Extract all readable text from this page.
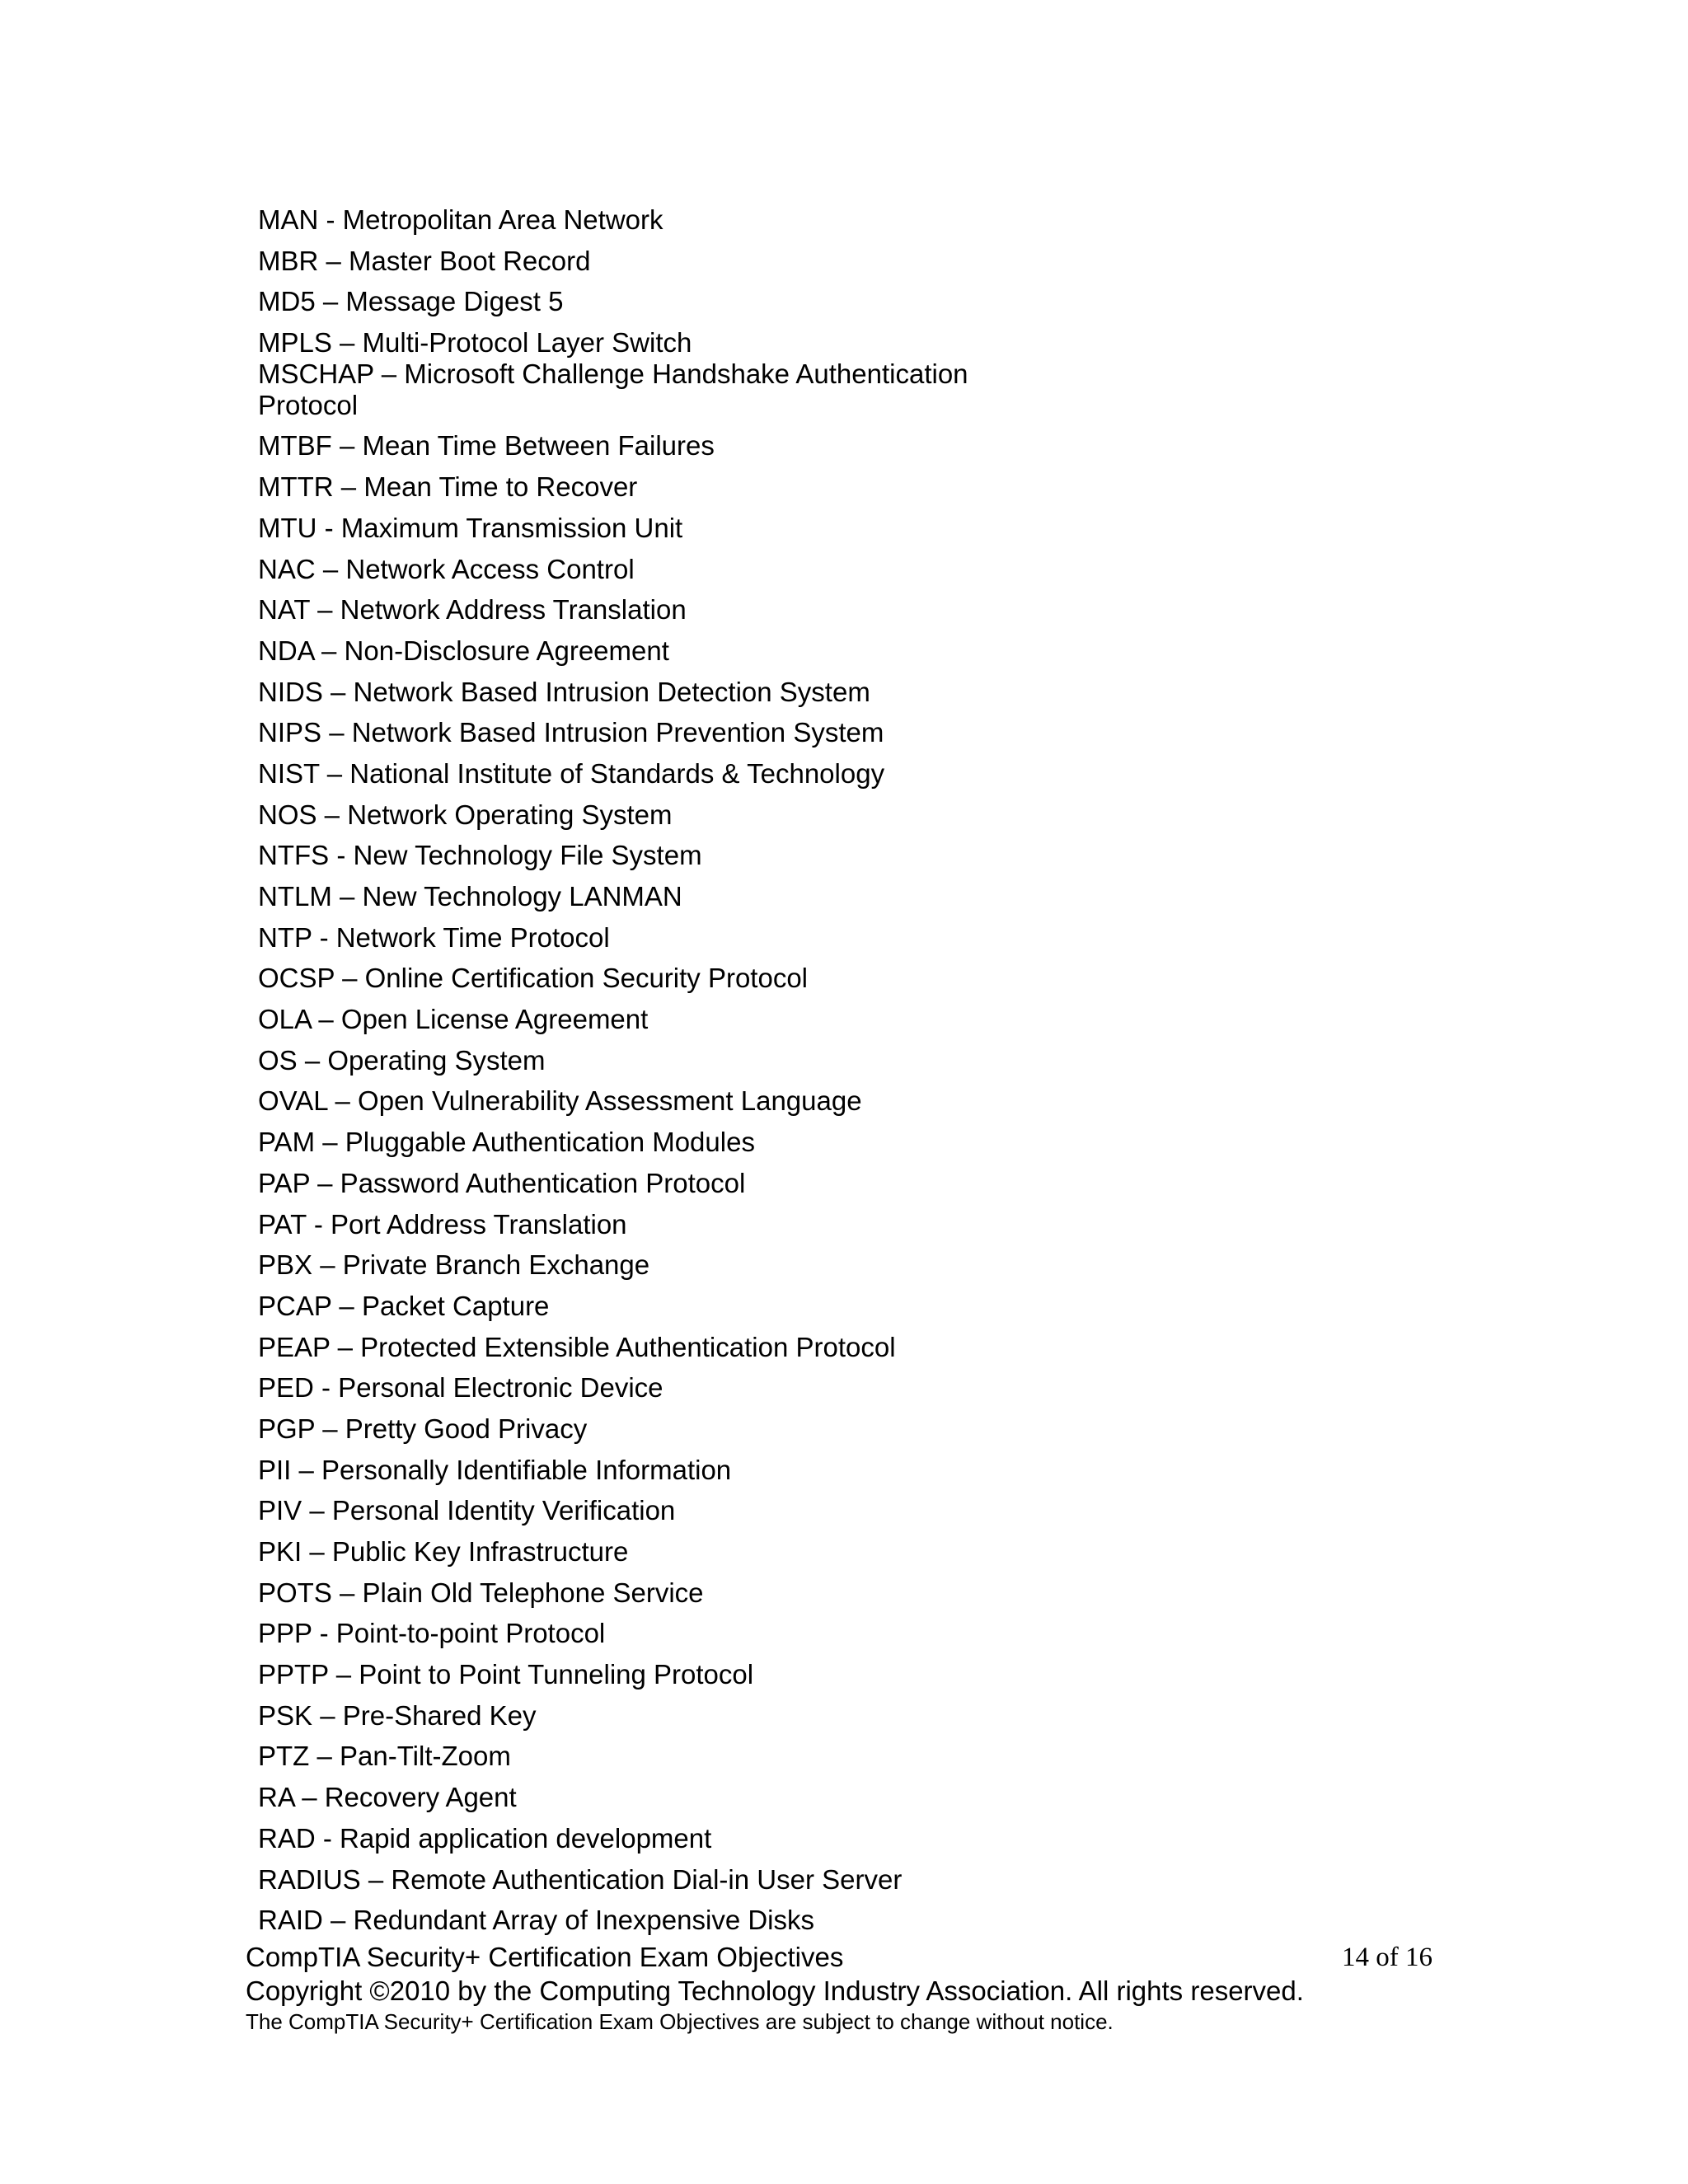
MAN - Metropolitan Area Network
MBR – Master Boot Record
MD5 – Message Digest 5
MPLS – Multi-Protocol Layer Switch
MSCHAP – Microsoft Challenge Handshake Authentication Protocol
MTBF – Mean Time Between Failures
MTTR – Mean Time to Recover
MTU - Maximum Transmission Unit
NAC – Network Access Control
NAT – Network Address Translation
NDA – Non-Disclosure Agreement
NIDS – Network Based Intrusion Detection System
NIPS – Network Based Intrusion Prevention System
NIST – National Institute of Standards & Technology
NOS – Network Operating System
NTFS - New Technology File System
NTLM – New Technology LANMAN
NTP - Network Time Protocol
OCSP – Online Certification Security Protocol
OLA – Open License Agreement
OS – Operating System
OVAL – Open Vulnerability Assessment Language
PAM – Pluggable Authentication Modules
PAP – Password Authentication Protocol
PAT - Port Address Translation
PBX – Private Branch Exchange
PCAP – Packet Capture
PEAP – Protected Extensible Authentication Protocol
PED - Personal Electronic Device
PGP – Pretty Good Privacy
PII – Personally Identifiable Information
PIV – Personal Identity Verification
PKI – Public Key Infrastructure
POTS – Plain Old Telephone Service
PPP - Point-to-point Protocol
PPTP – Point to Point Tunneling Protocol
PSK – Pre-Shared Key
PTZ – Pan-Tilt-Zoom
RA – Recovery Agent
RAD - Rapid application development
RADIUS – Remote Authentication Dial-in User Server
RAID – Redundant Array of Inexpensive Disks
CompTIA Security+ Certification Exam Objectives	14 of 16
Copyright ©2010 by the Computing Technology Industry Association. All rights reserved.
The CompTIA Security+ Certification Exam Objectives are subject to change without notice.
